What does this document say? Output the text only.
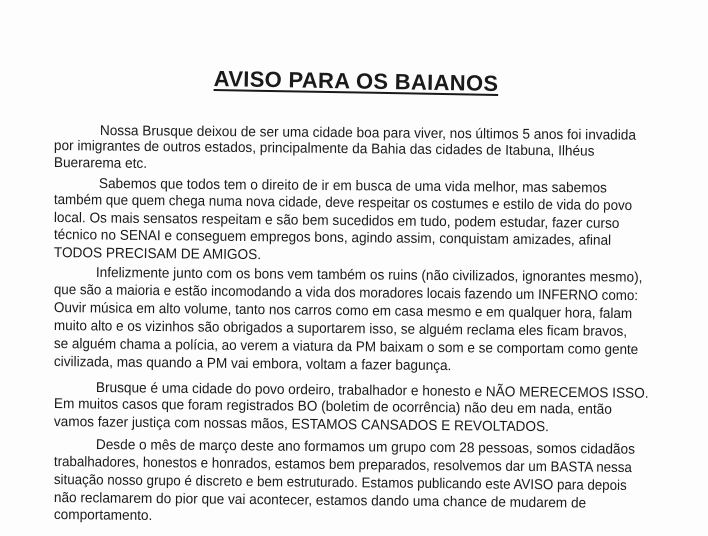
AVISO PARA OS BAIANOS
Nossa Brusque deixou de ser uma cidade boa para viver, nos últimos 5 anos foi invadida
por imigrantes de outros estados, principalmente da Bahia das cidades de Itabuna, Ilhéus
Buerarema etc.
Sabemos que todos tem o direito de ir em busca de uma vida melhor, mas sabemos
também que quem chega numa nova cidade, deve respeitar os costumes e estilo de vida do povo
local. Os mais sensatos respeitam e são bem sucedidos em tudo, podem estudar, fazer curso
técnico no SENAI e conseguem empregos bons, agindo assim, conquistam amizades, afinal
TODOS PRECISAM DE AMIGOS.
Infelizmente junto com os bons vem também os ruins (não civilizados, ignorantes mesmo),
que são a maioria e estão incomodando a vida dos moradores locais fazendo um INFERNO como:
Ouvir música em alto volume, tanto nos carros como em casa mesmo e em qualquer hora, falam
muito alto e os vizinhos são obrigados a suportarem isso, se alguém reclama eles ficam bravos,
se alguém chama a polícia, ao verem a viatura da PM baixam o som e se comportam como gente
civilizada, mas quando a PM vai embora, voltam a fazer bagunça.
Brusque é uma cidade do povo ordeiro, trabalhador e honesto e NÃO MERECEMOS ISSO.
Em muitos casos que foram registrados BO (boletim de ocorrência) não deu em nada, então
vamos fazer justiça com nossas mãos, ESTAMOS CANSADOS E REVOLTADOS.
Desde o mês de março deste ano formamos um grupo com 28 pessoas, somos cidadãos
trabalhadores, honestos e honrados, estamos bem preparados, resolvemos dar um BASTA nessa
situação nosso grupo é discreto e bem estruturado. Estamos publicando este AVISO para depois
não reclamarem do pior que vai acontecer, estamos dando uma chance de mudarem de
comportamento.
